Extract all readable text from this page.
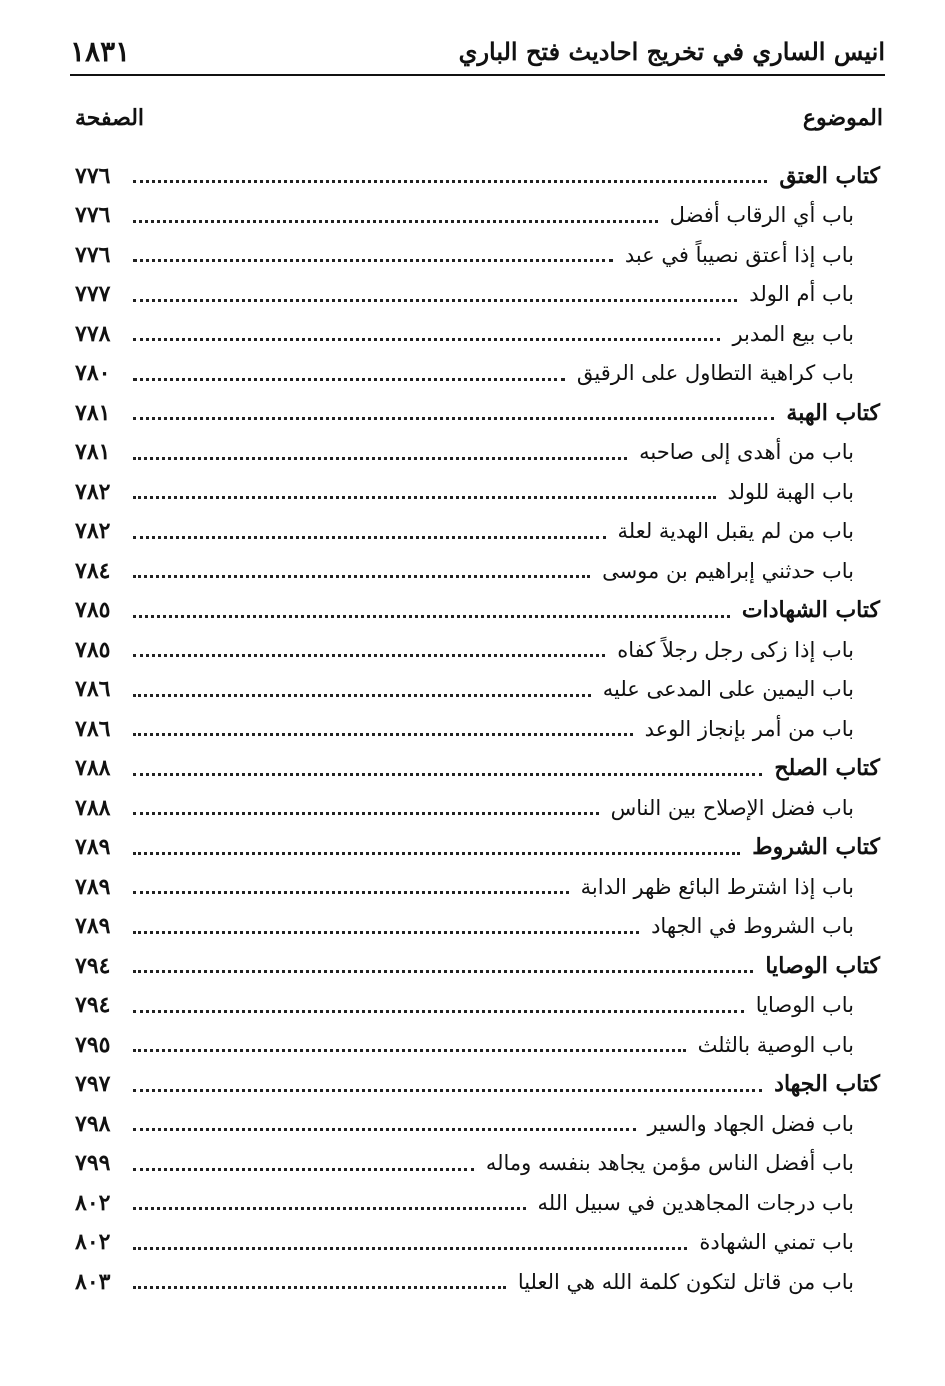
انيس الساري في تخريج احاديث فتح الباري
١٨٣١
الموضوع
الصفحة
كتاب العتق
٧٧٦
باب أي الرقاب أفضل
٧٧٦
باب إذا أعتق نصيباً في عبد
٧٧٦
باب أم الولد
٧٧٧
باب بيع المدبر
٧٧٨
باب كراهية التطاول على الرقيق
٧٨٠
كتاب الهبة
٧٨١
باب من أهدى إلى صاحبه
٧٨١
باب الهبة للولد
٧٨٢
باب من لم يقبل الهدية لعلة
٧٨٢
باب حدثني إبراهيم بن موسى
٧٨٤
كتاب الشهادات
٧٨٥
باب إذا زكى رجل رجلاً كفاه
٧٨٥
باب اليمين على المدعى عليه
٧٨٦
باب من أمر بإنجاز الوعد
٧٨٦
كتاب الصلح
٧٨٨
باب فضل الإصلاح بين الناس
٧٨٨
كتاب الشروط
٧٨٩
باب إذا اشترط البائع ظهر الدابة
٧٨٩
باب الشروط في الجهاد
٧٨٩
كتاب الوصايا
٧٩٤
باب الوصايا
٧٩٤
باب الوصية بالثلث
٧٩٥
كتاب الجهاد
٧٩٧
باب فضل الجهاد والسير
٧٩٨
باب أفضل الناس مؤمن يجاهد بنفسه وماله
٧٩٩
باب درجات المجاهدين في سبيل الله
٨٠٢
باب تمني الشهادة
٨٠٢
باب من قاتل لتكون كلمة الله هي العليا
٨٠٣
